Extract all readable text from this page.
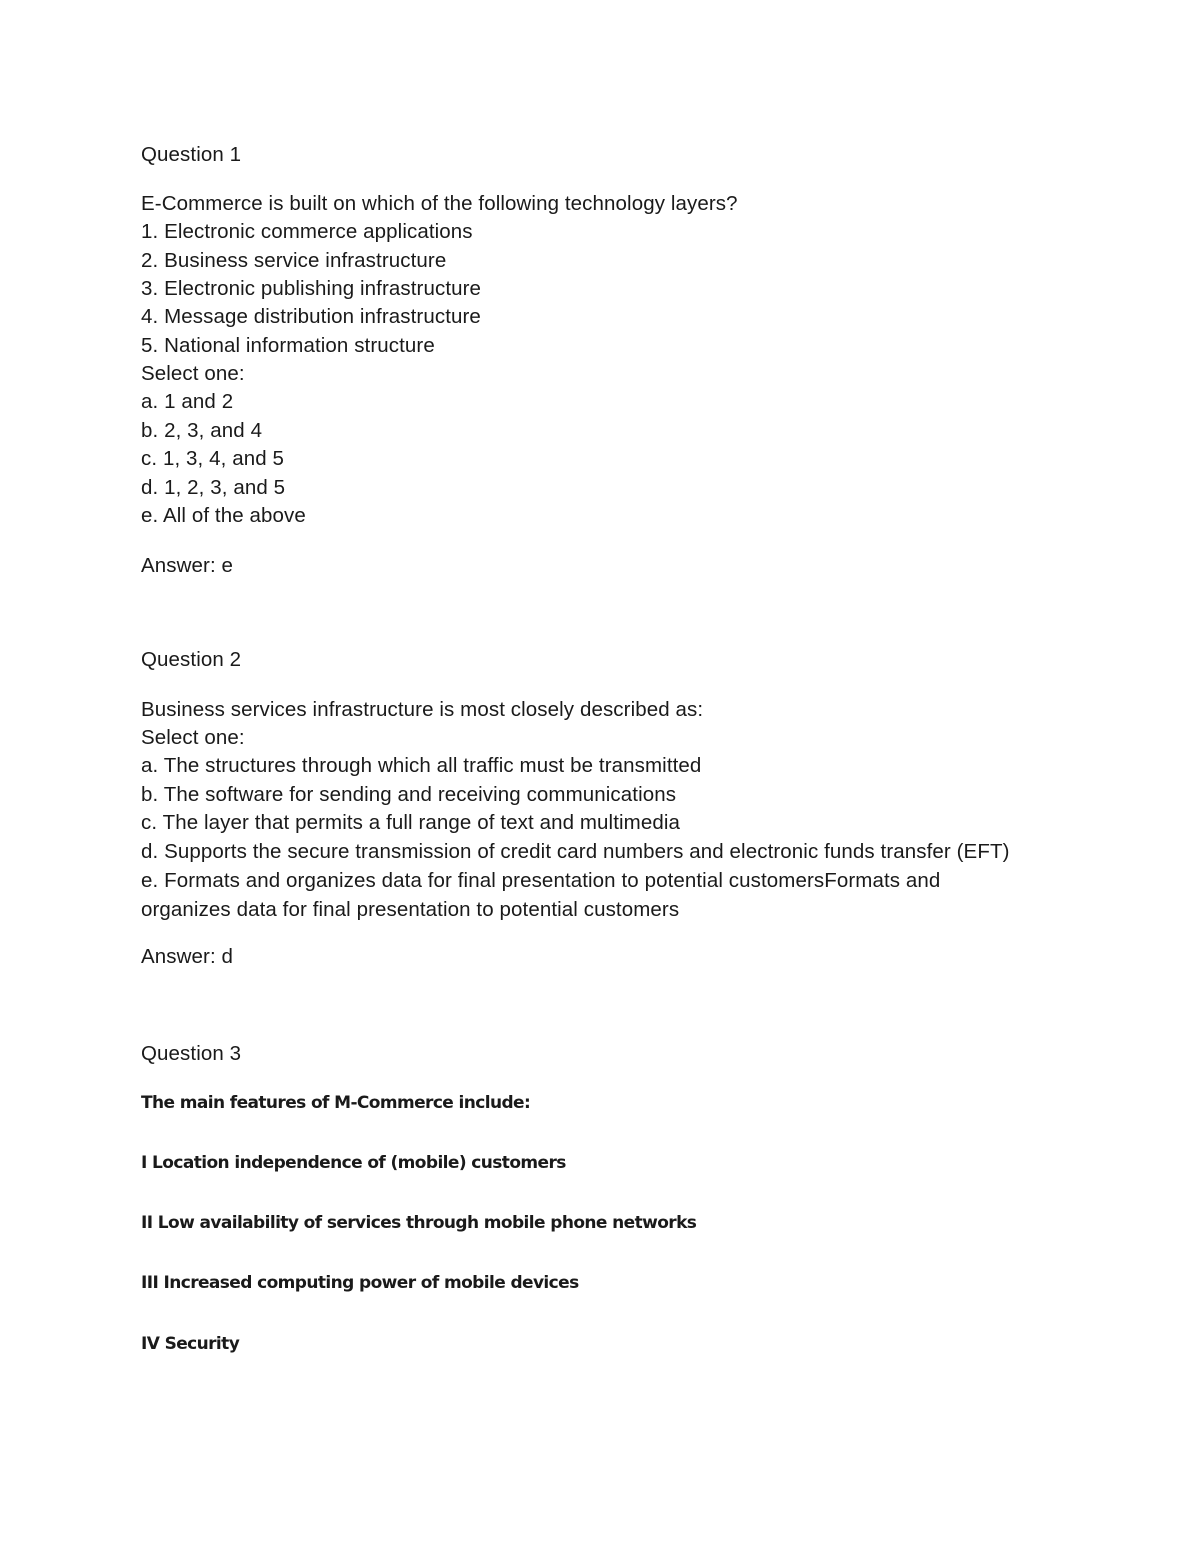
Question 1
E-Commerce is built on which of the following technology layers?
1. Electronic commerce applications
2. Business service infrastructure
3. Electronic publishing infrastructure
4. Message distribution infrastructure
5. National information structure
Select one:
a. 1 and 2
b. 2, 3, and 4
c. 1, 3, 4, and 5
d. 1, 2, 3, and 5
e. All of the above
Answer: e
Question 2
Business services infrastructure is most closely described as:
Select one:
a. The structures through which all traffic must be transmitted
b. The software for sending and receiving communications
c. The layer that permits a full range of text and multimedia
d. Supports the secure transmission of credit card numbers and electronic funds transfer (EFT)
e. Formats and organizes data for final presentation to potential customersFormats and
organizes data for final presentation to potential customers
Answer: d
Question 3
The main features of M-Commerce include:
I Location independence of (mobile) customers
II Low availability of services through mobile phone networks
III Increased computing power of mobile devices
IV Security
